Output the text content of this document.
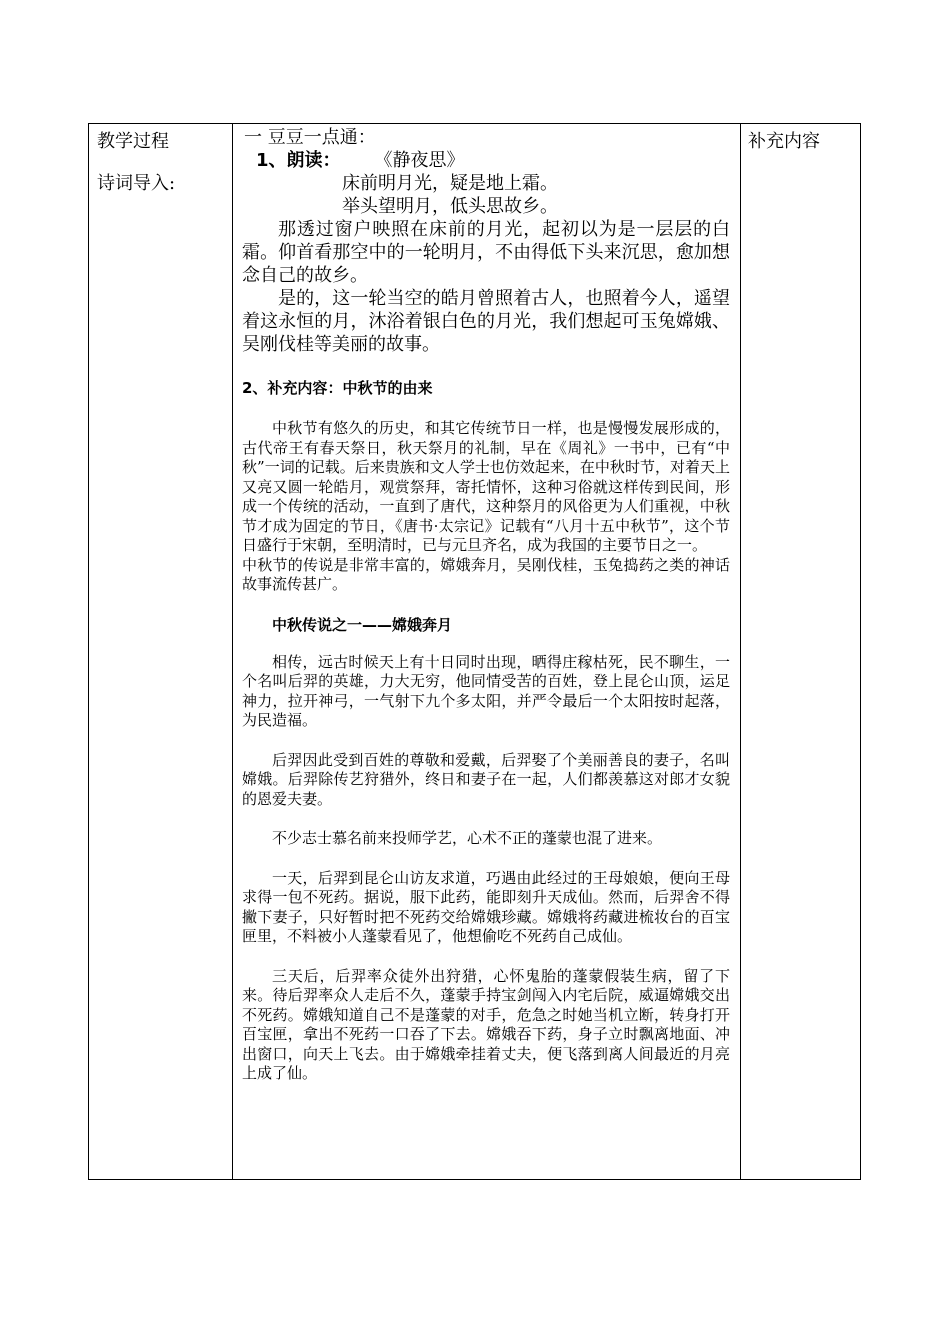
教学过程

诗词导入:

一 豆豆一点通：

1、朗读： 《静夜思》

床前明月光，疑是地上霜。

举头望明月，低头思故乡。

那透过窗户映照在床前的月光，起初以为是一层层的白霜。仰首看那空中的一轮明月，不由得低下头来沉思，愈加想念自己的故乡。

是的，这一轮当空的皓月曾照着古人，也照着今人，遥望着这永恒的月，沐浴着银白色的月光，我们想起可玉兔嫦娥、吴刚伐桂等美丽的故事。

2、补充内容：中秋节的由来

中秋节有悠久的历史，和其它传统节日一样，也是慢慢发展形成的，古代帝王有春天祭日，秋天祭月的礼制，早在《周礼》一书中，已有“中秋”一词的记载。后来贵族和文人学士也仿效起来，在中秋时节，对着天上又亮又圆一轮皓月，观赏祭拜，寄托情怀，这种习俗就这样传到民间，形成一个传统的活动，一直到了唐代，这种祭月的风俗更为人们重视，中秋节才成为固定的节日，《唐书·太宗记》记载有“八月十五中秋节”，这个节日盛行于宋朝，至明清时，已与元旦齐名，成为我国的主要节日之一。

中秋节的传说是非常丰富的，嫦娥奔月，吴刚伐桂，玉兔捣药之类的神话故事流传甚广。

中秋传说之一——嫦娥奔月

相传，远古时候天上有十日同时出现，晒得庄稼枯死，民不聊生，一个名叫后羿的英雄，力大无穷，他同情受苦的百姓，登上昆仑山顶，运足神力，拉开神弓，一气射下九个多太阳，并严令最后一个太阳按时起落，为民造福。

后羿因此受到百姓的尊敬和爱戴，后羿娶了个美丽善良的妻子，名叫嫦娥。后羿除传艺狩猎外，终日和妻子在一起，人们都羡慕这对郎才女貌的恩爱夫妻。

不少志士慕名前来投师学艺，心术不正的蓬蒙也混了进来。

一天，后羿到昆仑山访友求道，巧遇由此经过的王母娘娘，便向王母求得一包不死药。据说，服下此药，能即刻升天成仙。然而，后羿舍不得撇下妻子，只好暂时把不死药交给嫦娥珍藏。嫦娥将药藏进梳妆台的百宝匣里，不料被小人蓬蒙看见了，他想偷吃不死药自己成仙。

三天后，后羿率众徒外出狩猎，心怀鬼胎的蓬蒙假装生病，留了下来。待后羿率众人走后不久，蓬蒙手持宝剑闯入内宅后院，威逼嫦娥交出不死药。嫦娥知道自己不是蓬蒙的对手，危急之时她当机立断，转身打开百宝匣，拿出不死药一口吞了下去。嫦娥吞下药，身子立时飘离地面、冲出窗口，向天上飞去。由于嫦娥牵挂着丈夫，便飞落到离人间最近的月亮上成了仙。

补充内容
